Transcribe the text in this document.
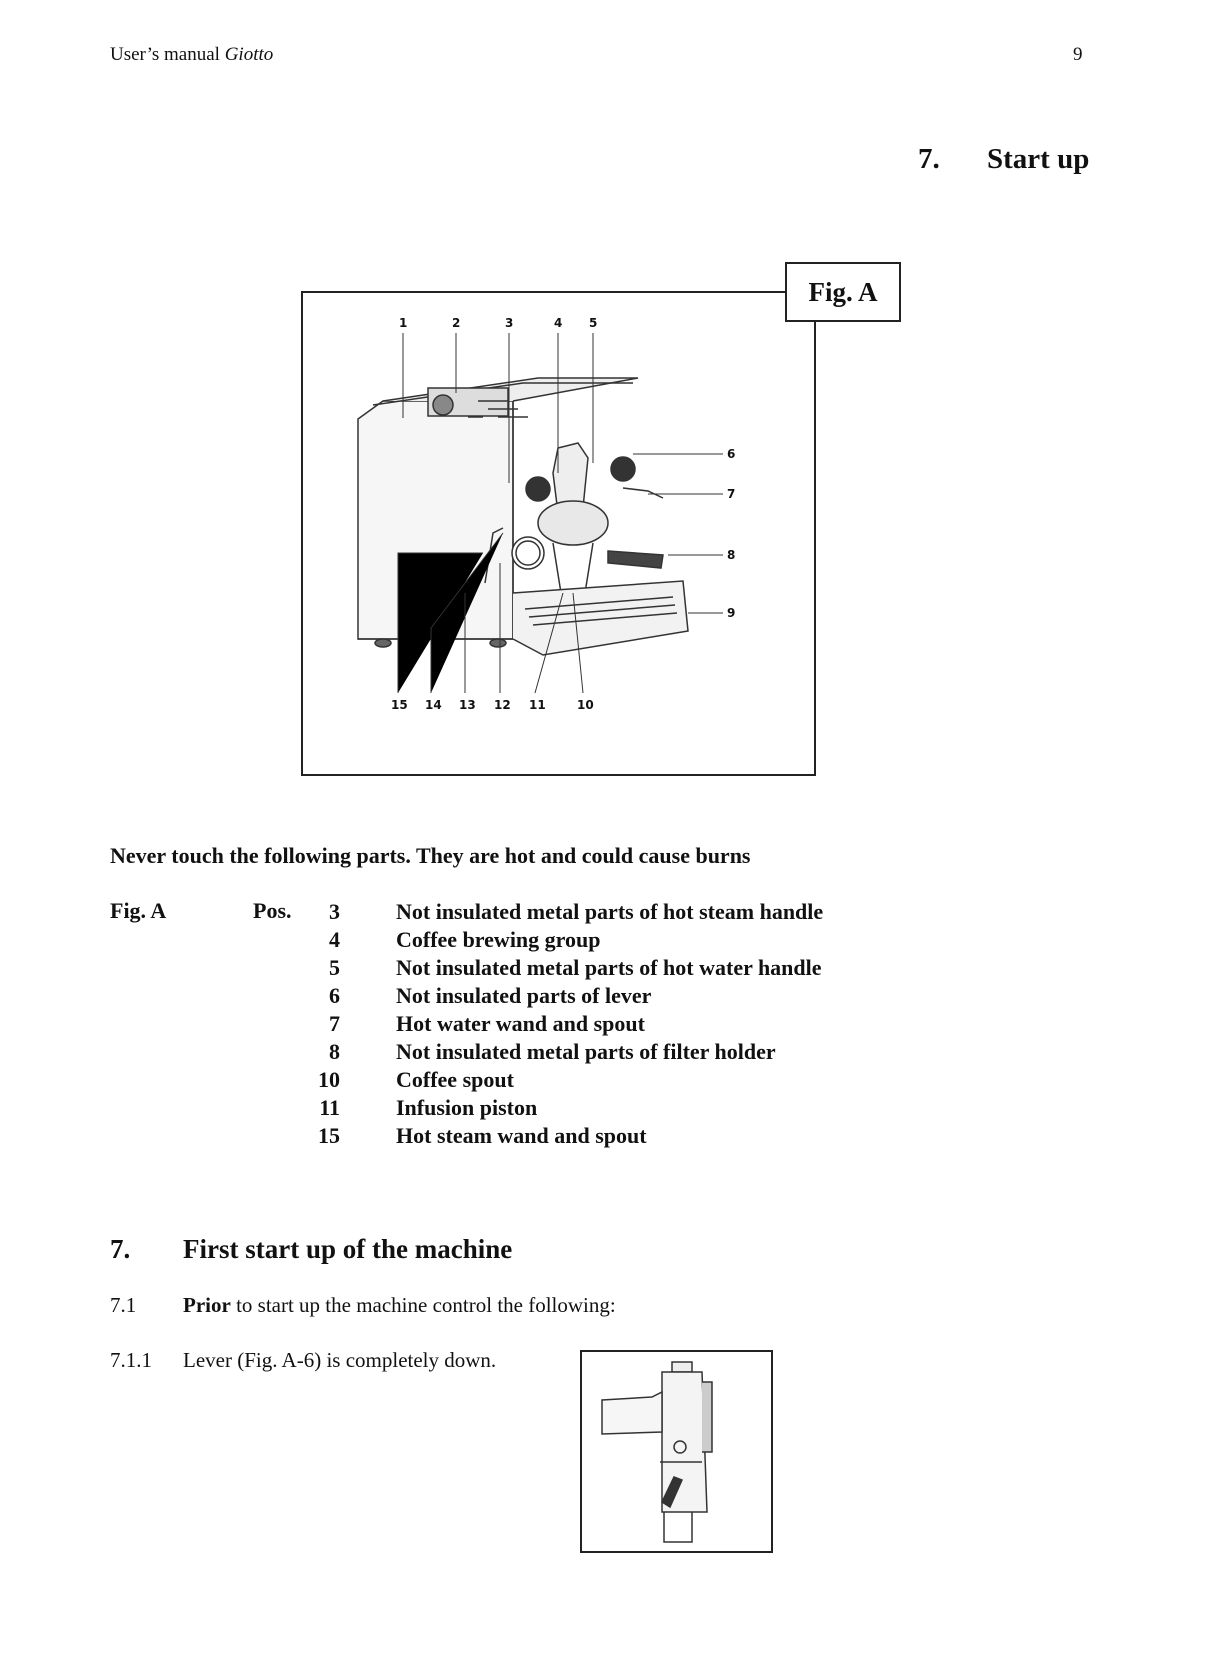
User’s manual Giotto	9
7. Start up
1	2	3	4 5
6
7
8
9
15 14 13 12 11	10
Fig. A
Never touch the following parts. They are hot and could cause burns
Fig. A	Pos.	3	Not insulated metal parts of hot steam handle
4	Coffee brewing group
5	Not insulated metal parts of hot water handle
6	Not insulated parts of lever
7	Hot water wand and spout
8	Not insulated metal parts of filter holder
10	Coffee spout
11	Infusion piston
15	Hot steam wand and spout
7. First start up of the machine
7.1 Prior to start up the machine control the following:
7.1.1 Lever (Fig. A-6) is completely down.
